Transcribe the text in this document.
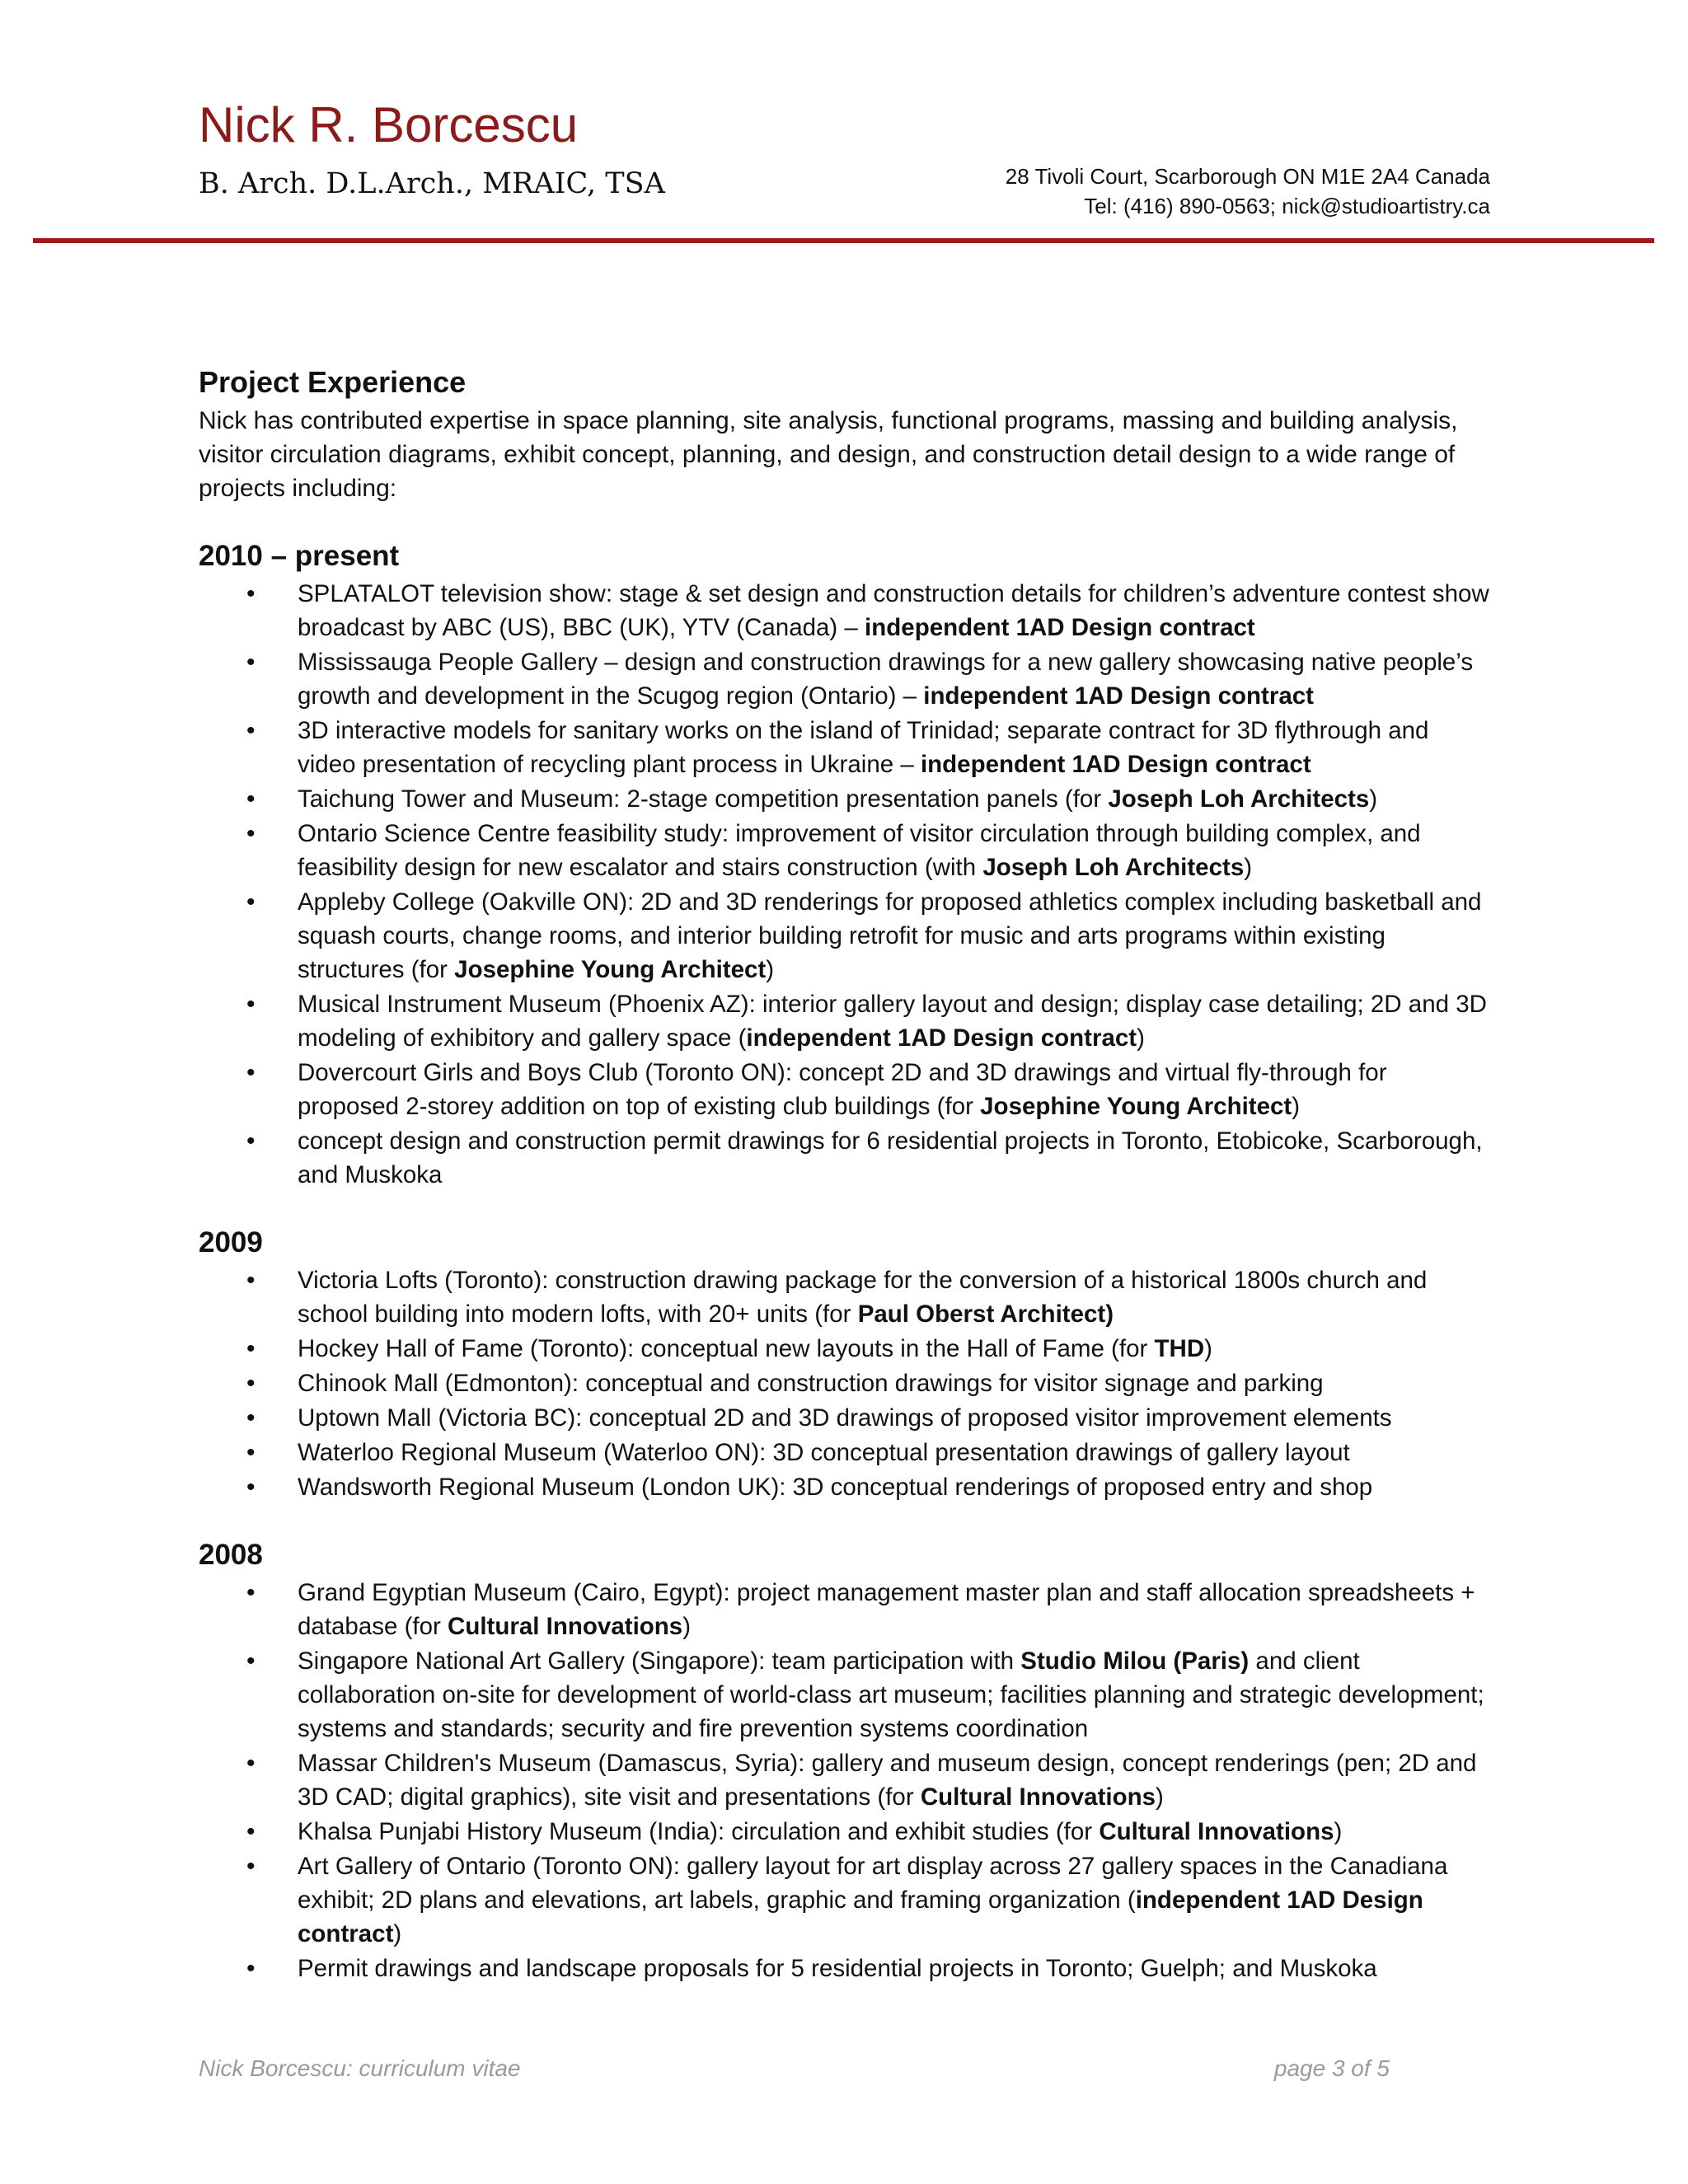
Nick R. Borcescu
B. Arch. D.L.Arch., MRAIC, TSA	28 Tivoli Court, Scarborough ON M1E 2A4 Canada
Tel: (416) 890-0563; nick@studioartistry.ca
Project Experience

Nick has contributed expertise in space planning, site analysis, functional programs, massing and building analysis, visitor circulation diagrams, exhibit concept, planning, and design, and construction detail design to a wide range of projects including:

2010 – present
• SPLATALOT television show: stage & set design and construction details for children’s adventure contest show broadcast by ABC (US), BBC (UK), YTV (Canada) – independent 1AD Design contract
• Mississauga People Gallery – design and construction drawings for a new gallery showcasing native people’s growth and development in the Scugog region (Ontario) – independent 1AD Design contract
• 3D interactive models for sanitary works on the island of Trinidad; separate contract for 3D flythrough and video presentation of recycling plant process in Ukraine – independent 1AD Design contract
• Taichung Tower and Museum: 2-stage competition presentation panels (for Joseph Loh Architects)
• Ontario Science Centre feasibility study: improvement of visitor circulation through building complex, and feasibility design for new escalator and stairs construction (with Joseph Loh Architects)
• Appleby College (Oakville ON): 2D and 3D renderings for proposed athletics complex including basketball and squash courts, change rooms, and interior building retrofit for music and arts programs within existing structures (for Josephine Young Architect)
• Musical Instrument Museum (Phoenix AZ): interior gallery layout and design; display case detailing; 2D and 3D modeling of exhibitory and gallery space (independent 1AD Design contract)
• Dovercourt Girls and Boys Club (Toronto ON): concept 2D and 3D drawings and virtual fly-through for proposed 2-storey addition on top of existing club buildings (for Josephine Young Architect)
• concept design and construction permit drawings for 6 residential projects in Toronto, Etobicoke, Scarborough, and Muskoka
2009
• Victoria Lofts (Toronto): construction drawing package for the conversion of a historical 1800s church and school building into modern lofts, with 20+ units (for Paul Oberst Architect)
• Hockey Hall of Fame (Toronto): conceptual new layouts in the Hall of Fame (for THD)
• Chinook Mall (Edmonton): conceptual and construction drawings for visitor signage and parking
• Uptown Mall (Victoria BC): conceptual 2D and 3D drawings of proposed visitor improvement elements
• Waterloo Regional Museum (Waterloo ON): 3D conceptual presentation drawings of gallery layout
• Wandsworth Regional Museum (London UK): 3D conceptual renderings of proposed entry and shop
2008
• Grand Egyptian Museum (Cairo, Egypt): project management master plan and staff allocation spreadsheets + database (for Cultural Innovations)
• Singapore National Art Gallery (Singapore): team participation with Studio Milou (Paris) and client collaboration on-site for development of world-class art museum; facilities planning and strategic development; systems and standards; security and fire prevention systems coordination
• Massar Children's Museum (Damascus, Syria): gallery and museum design, concept renderings (pen; 2D and 3D CAD; digital graphics), site visit and presentations (for Cultural Innovations)
• Khalsa Punjabi History Museum (India): circulation and exhibit studies (for Cultural Innovations)
• Art Gallery of Ontario (Toronto ON): gallery layout for art display across 27 gallery spaces in the Canadiana exhibit; 2D plans and elevations, art labels, graphic and framing organization (independent 1AD Design contract)
• Permit drawings and landscape proposals for 5 residential projects in Toronto; Guelph; and Muskoka
Nick Borcescu: curriculum vitae	page 3 of 5
